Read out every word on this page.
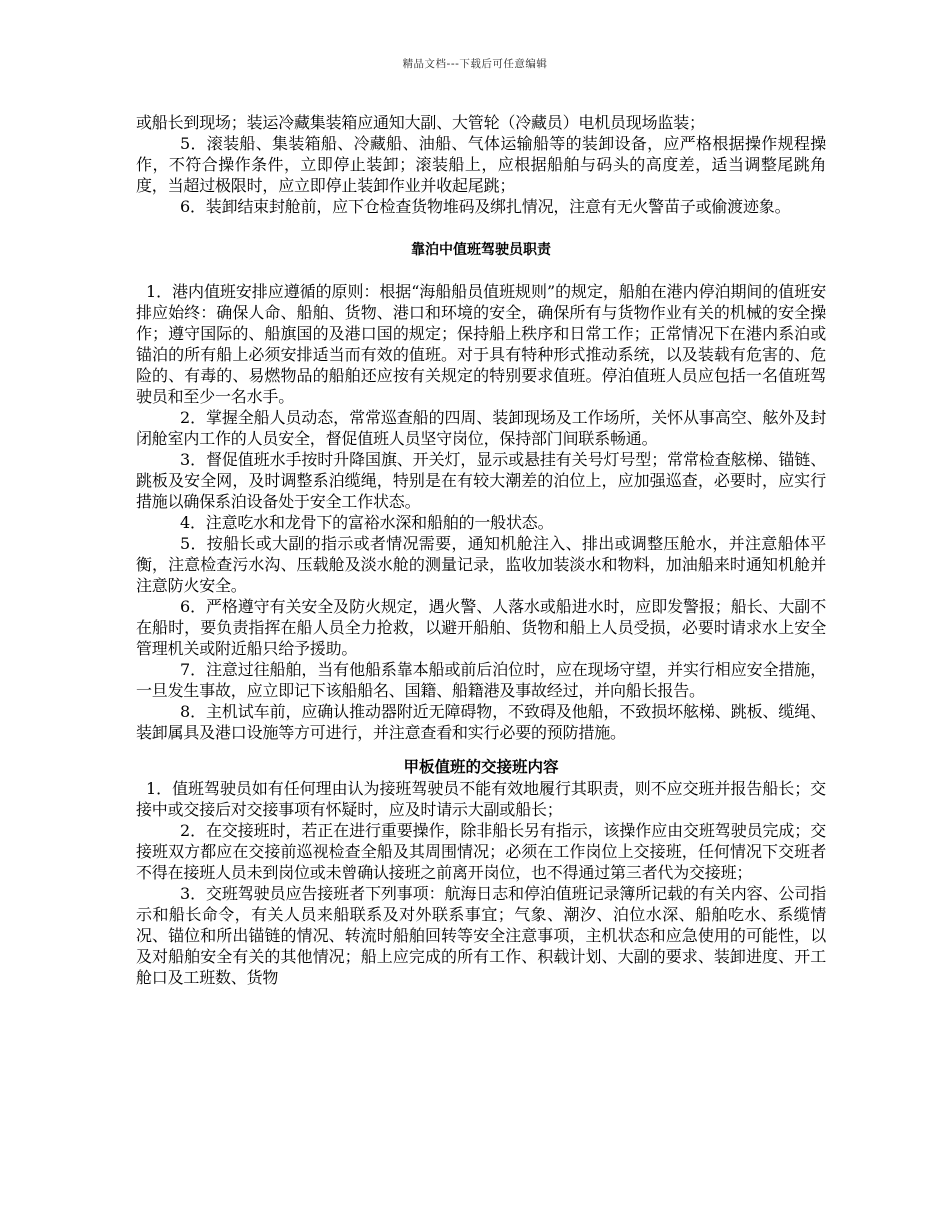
精品文档---下载后可任意编辑

或船长到现场；装运冷藏集装箱应通知大副、大管轮（冷藏员）电机员现场监装；

5．滚装船、集装箱船、冷藏船、油船、气体运输船等的装卸设备，应严格根据操作规程操作，不符合操作条件，立即停止装卸；滚装船上，应根据船舶与码头的高度差，适当调整尾跳角度，当超过极限时，应立即停止装卸作业并收起尾跳；

6．装卸结束封舱前，应下仓检查货物堆码及绑扎情况，注意有无火警苗子或偷渡迹象。

靠泊中值班驾驶员职责

1．港内值班安排应遵循的原则：根据“海船船员值班规则”的规定，船舶在港内停泊期间的值班安排应始终：确保人命、船舶、货物、港口和环境的安全，确保所有与货物作业有关的机械的安全操作；遵守国际的、船旗国的及港口国的规定；保持船上秩序和日常工作；正常情况下在港内系泊或锚泊的所有船上必须安排适当而有效的值班。对于具有特种形式推动系统，以及装载有危害的、危险的、有毒的、易燃物品的船舶还应按有关规定的特别要求值班。停泊值班人员应包括一名值班驾驶员和至少一名水手。

2．掌握全船人员动态，常常巡查船的四周、装卸现场及工作场所，关怀从事高空、舷外及封闭舱室内工作的人员安全，督促值班人员坚守岗位，保持部门间联系畅通。

3．督促值班水手按时升降国旗、开关灯，显示或悬挂有关号灯号型；常常检查舷梯、锚链、跳板及安全网，及时调整系泊缆绳，特别是在有较大潮差的泊位上，应加强巡查，必要时，应实行措施以确保系泊设备处于安全工作状态。

4．注意吃水和龙骨下的富裕水深和船舶的一般状态。

5．按船长或大副的指示或者情况需要，通知机舱注入、排出或调整压舱水，并注意船体平衡，注意检查污水沟、压载舱及淡水舱的测量记录，监收加装淡水和物料，加油船来时通知机舱并注意防火安全。

6．严格遵守有关安全及防火规定，遇火警、人落水或船进水时，应即发警报；船长、大副不在船时，要负责指挥在船人员全力抢救，以避开船舶、货物和船上人员受损，必要时请求水上安全管理机关或附近船只给予援助。

7．注意过往船舶，当有他船系靠本船或前后泊位时，应在现场守望，并实行相应安全措施，一旦发生事故，应立即记下该船船名、国籍、船籍港及事故经过，并向船长报告。

8．主机试车前，应确认推动器附近无障碍物，不致碍及他船，不致损坏舷梯、跳板、缆绳、装卸属具及港口设施等方可进行，并注意查看和实行必要的预防措施。

甲板值班的交接班内容

1．值班驾驶员如有任何理由认为接班驾驶员不能有效地履行其职责，则不应交班并报告船长；交接中或交接后对交接事项有怀疑时，应及时请示大副或船长；

2．在交接班时，若正在进行重要操作，除非船长另有指示，该操作应由交班驾驶员完成；交接班双方都应在交接前巡视检查全船及其周围情况；必须在工作岗位上交接班，任何情况下交班者不得在接班人员未到岗位或未曾确认接班之前离开岗位，也不得通过第三者代为交接班；

3．交班驾驶员应告接班者下列事项：航海日志和停泊值班记录簿所记载的有关内容、公司指示和船长命令，有关人员来船联系及对外联系事宜；气象、潮汐、泊位水深、船舶吃水、系缆情况、锚位和所出锚链的情况、转流时船舶回转等安全注意事项，主机状态和应急使用的可能性，以及对船舶安全有关的其他情况；船上应完成的所有工作、积载计划、大副的要求、装卸进度、开工舱口及工班数、货物
